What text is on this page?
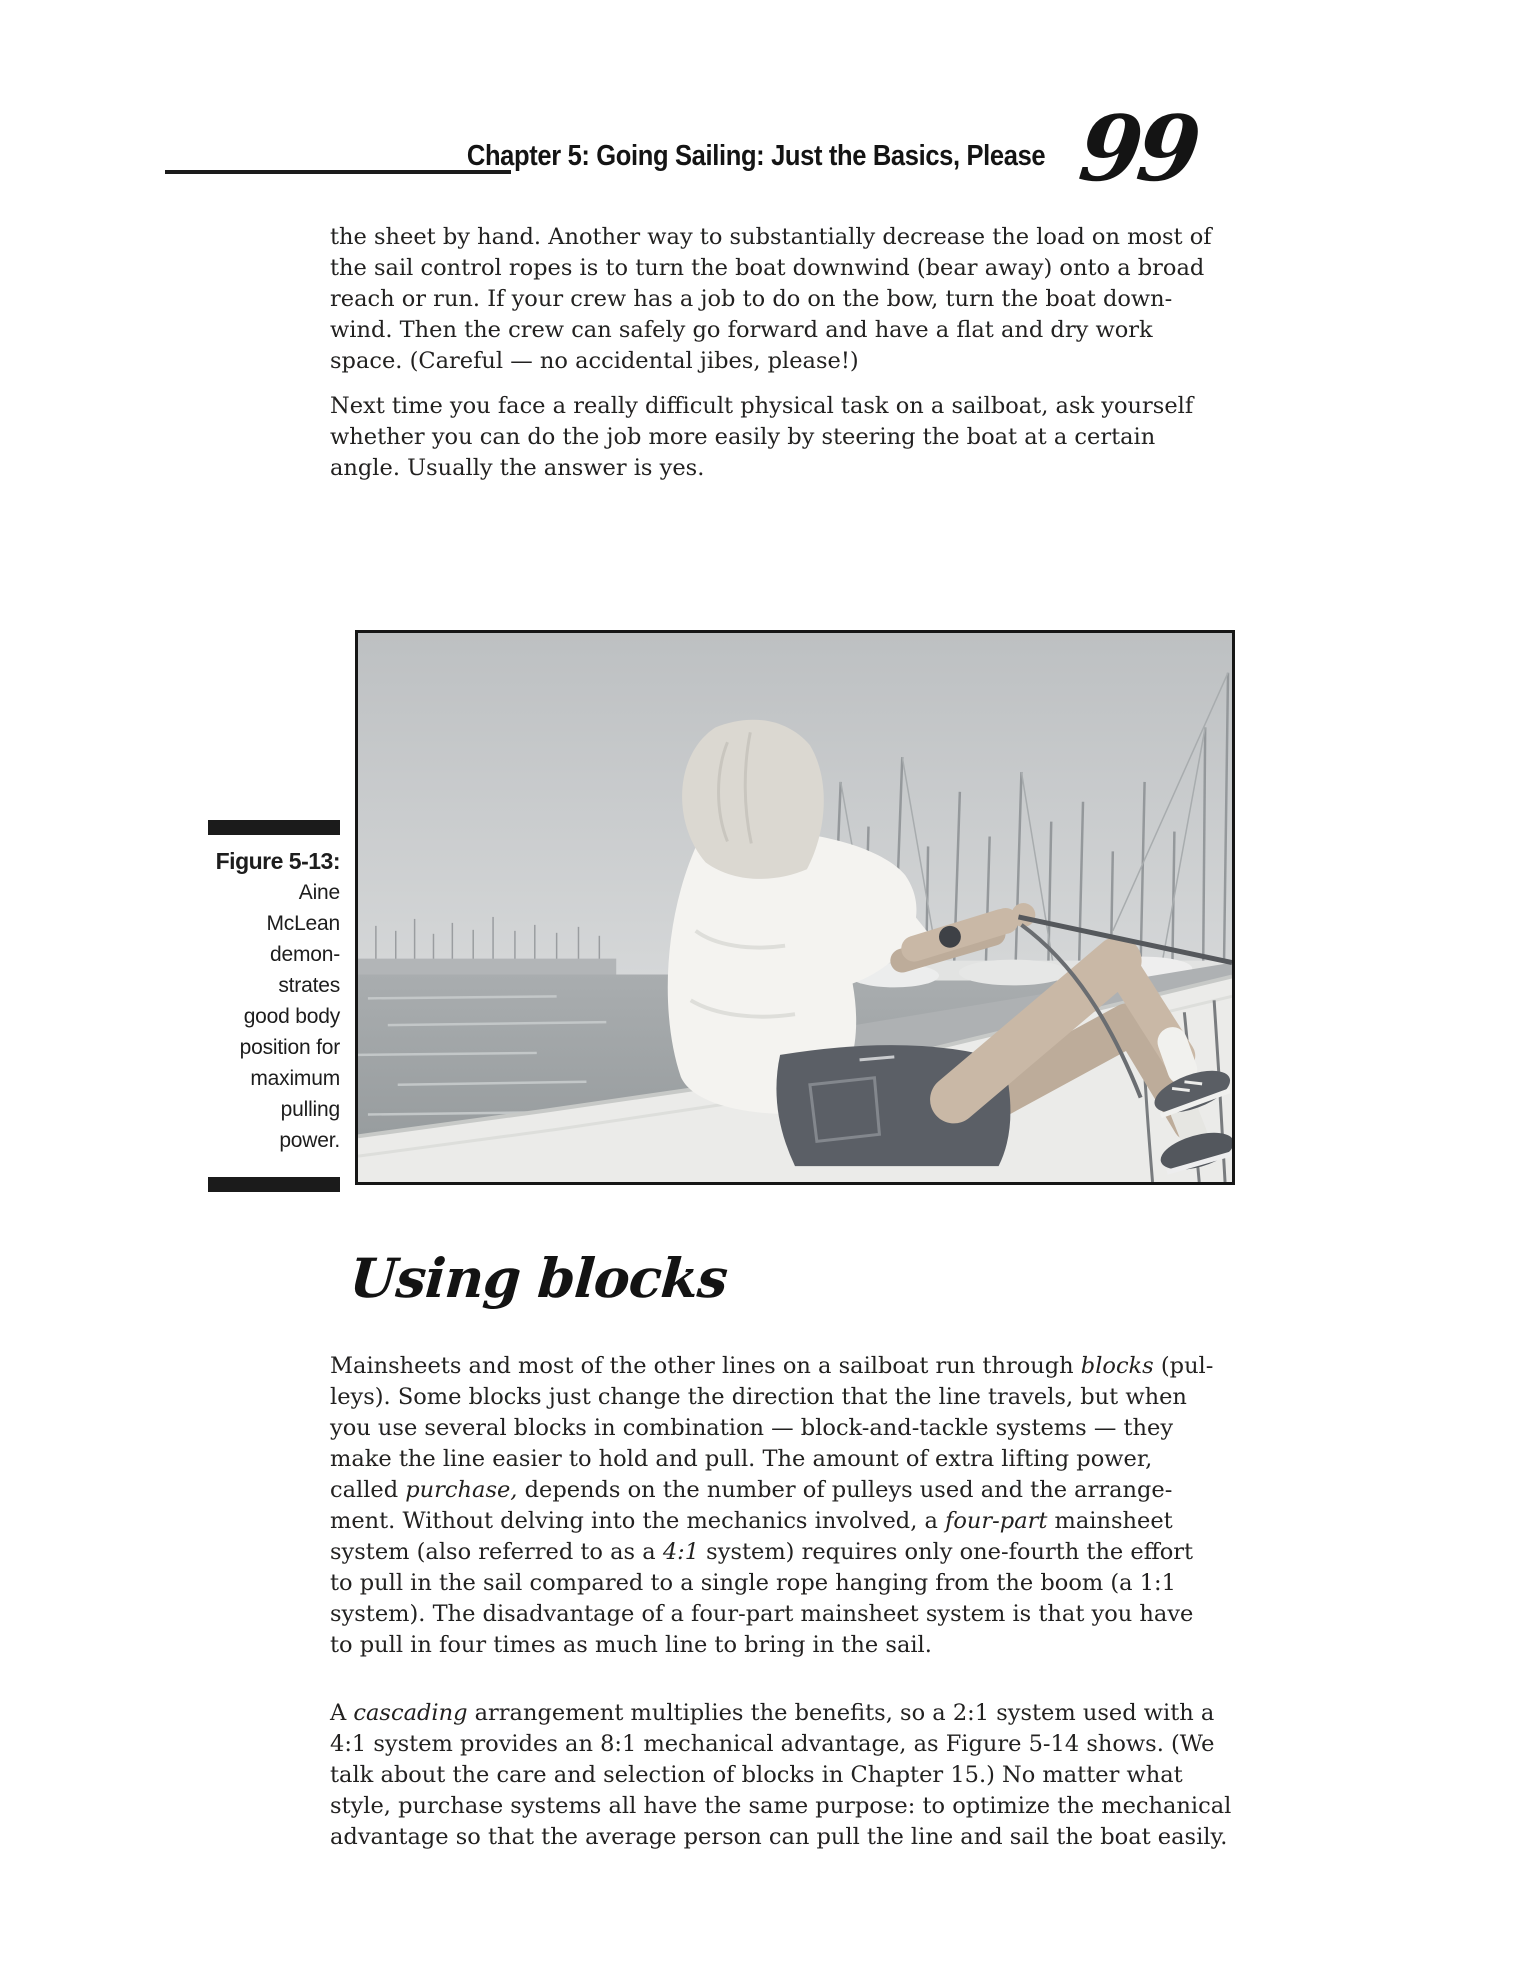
Chapter 5: Going Sailing: Just the Basics, Please 99
the sheet by hand. Another way to substantially decrease the load on most of
the sail control ropes is to turn the boat downwind (bear away) onto a broad
reach or run. If your crew has a job to do on the bow, turn the boat down-
wind. Then the crew can safely go forward and have a flat and dry work
space. (Careful — no accidental jibes, please!)
Next time you face a really difficult physical task on a sailboat, ask yourself
whether you can do the job more easily by steering the boat at a certain
angle. Usually the answer is yes.
Figure 5-13:
Aine
McLean
demon-
strates
good body
position for
maximum
pulling
power.
Using blocks
Mainsheets and most of the other lines on a sailboat run through blocks (pul-
leys). Some blocks just change the direction that the line travels, but when
you use several blocks in combination — block-and-tackle systems — they
make the line easier to hold and pull. The amount of extra lifting power,
called purchase, depends on the number of pulleys used and the arrange-
ment. Without delving into the mechanics involved, a four-part mainsheet
system (also referred to as a 4:1 system) requires only one-fourth the effort
to pull in the sail compared to a single rope hanging from the boom (a 1:1
system). The disadvantage of a four-part mainsheet system is that you have
to pull in four times as much line to bring in the sail.
A cascading arrangement multiplies the benefits, so a 2:1 system used with a
4:1 system provides an 8:1 mechanical advantage, as Figure 5-14 shows. (We
talk about the care and selection of blocks in Chapter 15.) No matter what
style, purchase systems all have the same purpose: to optimize the mechanical
advantage so that the average person can pull the line and sail the boat easily.
